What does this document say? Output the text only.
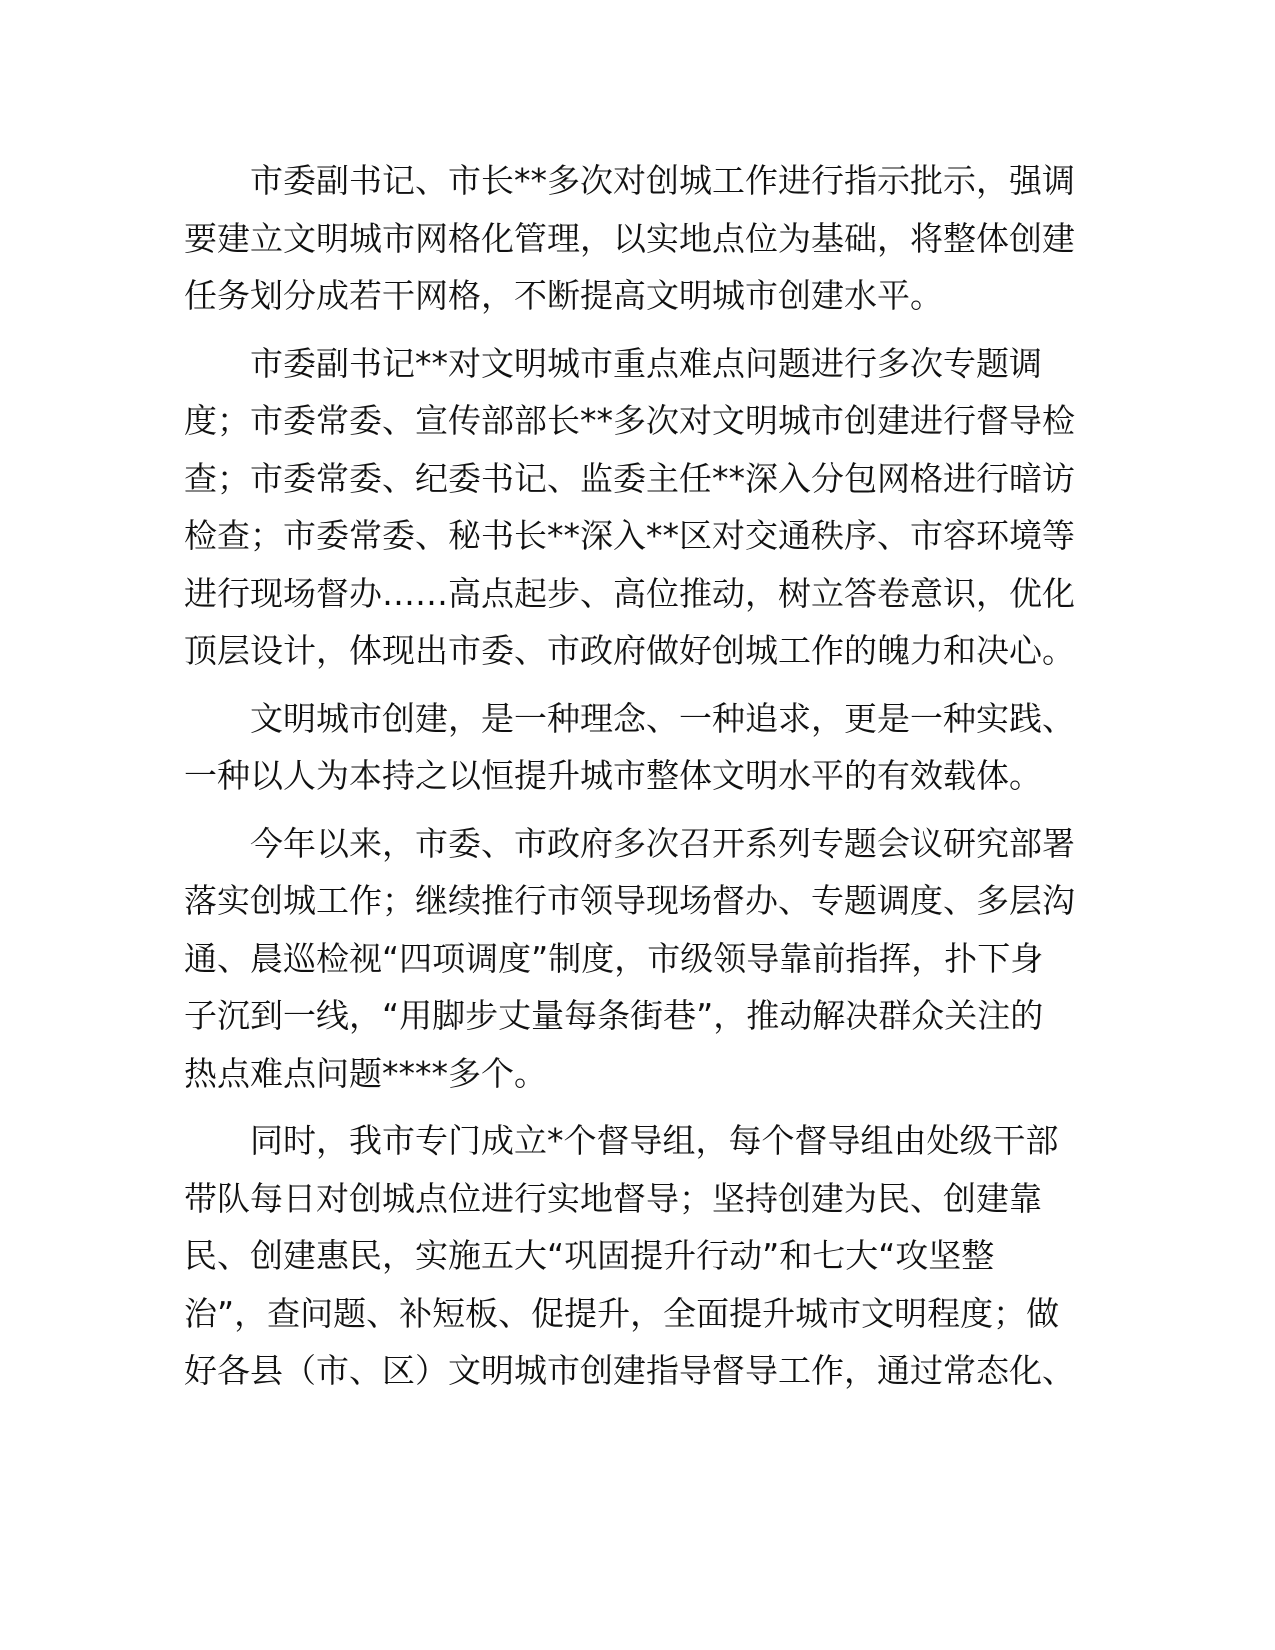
市委副书记、市长**多次对创城工作进行指示批示，强调
要建立文明城市网格化管理，以实地点位为基础，将整体创建
任务划分成若干网格，不断提高文明城市创建水平。

市委副书记**对文明城市重点难点问题进行多次专题调
度；市委常委、宣传部部长**多次对文明城市创建进行督导检
查；市委常委、纪委书记、监委主任**深入分包网格进行暗访
检查；市委常委、秘书长**深入**区对交通秩序、市容环境等
进行现场督办……高点起步、高位推动，树立答卷意识，优化
顶层设计，体现出市委、市政府做好创城工作的魄力和决心。

文明城市创建，是一种理念、一种追求，更是一种实践、
一种以人为本持之以恒提升城市整体文明水平的有效载体。

今年以来，市委、市政府多次召开系列专题会议研究部署
落实创城工作；继续推行市领导现场督办、专题调度、多层沟
通、晨巡检视“四项调度”制度，市级领导靠前指挥，扑下身
子沉到一线，“用脚步丈量每条街巷”，推动解决群众关注的
热点难点问题****多个。

同时，我市专门成立*个督导组，每个督导组由处级干部
带队每日对创城点位进行实地督导；坚持创建为民、创建靠
民、创建惠民，实施五大“巩固提升行动”和七大“攻坚整
治”，查问题、补短板、促提升，全面提升城市文明程度；做
好各县（市、区）文明城市创建指导督导工作，通过常态化、
